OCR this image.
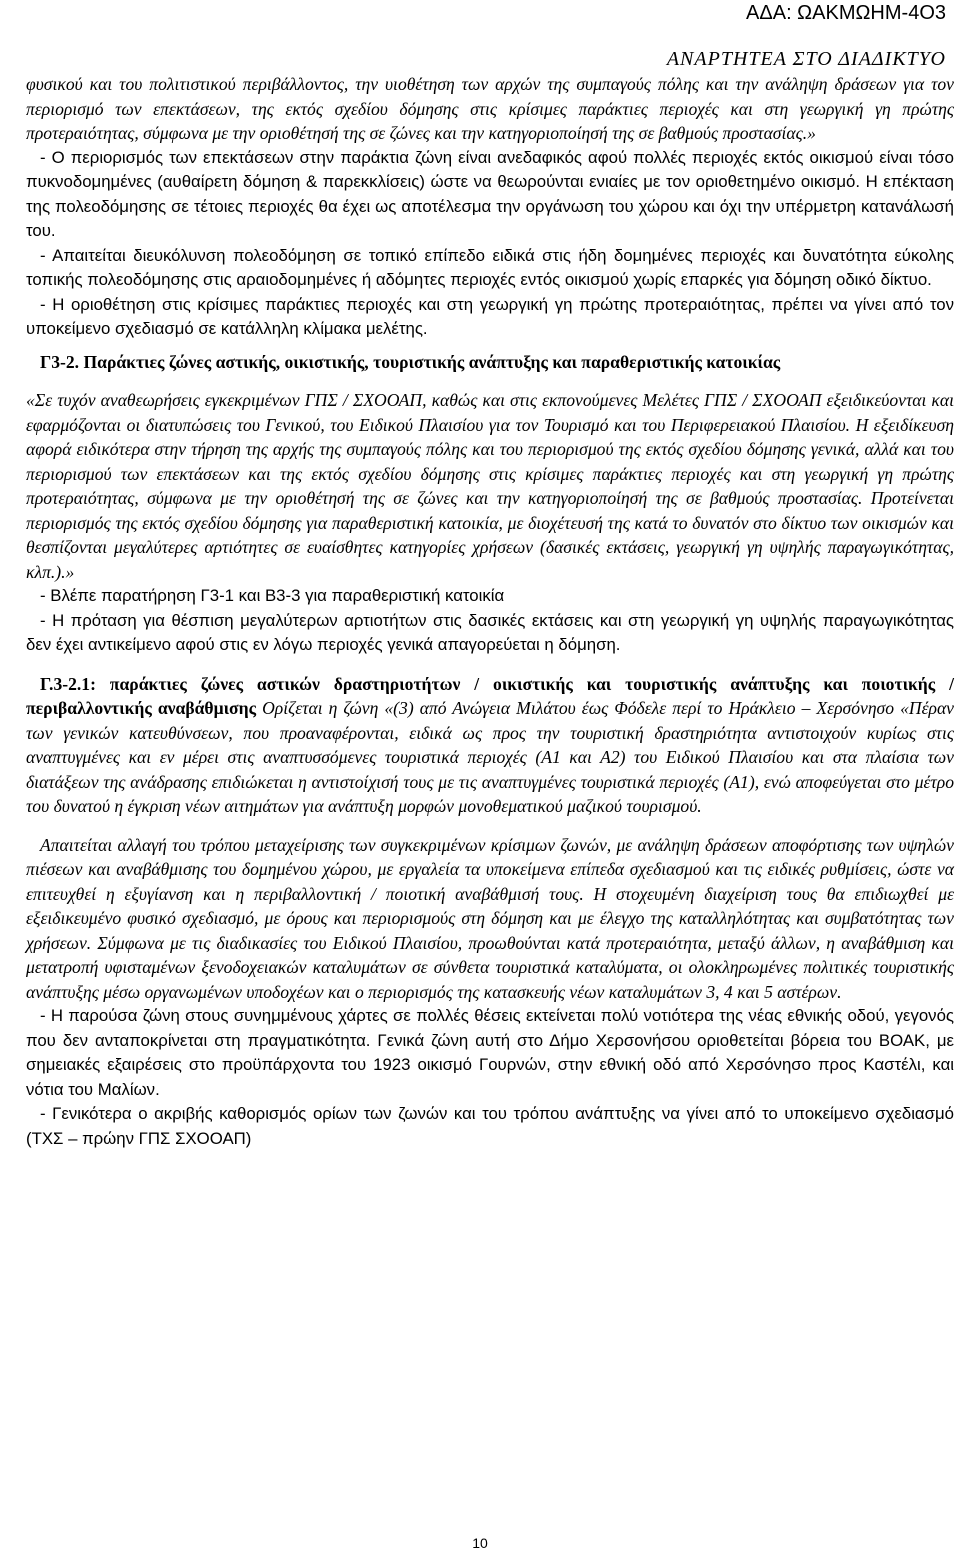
ΑΔΑ: ΩΑΚΜΩΗΜ-4Ο3
ΑΝΑΡΤΗΤΕΑ ΣΤΟ ΔΙΑΔΙΚΤΥΟ

φυσικού και του πολιτιστικού περιβάλλοντος, την υιοθέτηση των αρχών της συμπαγούς πόλης και την ανάληψη δράσεων για τον περιορισμό των επεκτάσεων, της εκτός σχεδίου δόμησης στις κρίσιμες παράκτιες περιοχές και στη γεωργική γη πρώτης προτεραιότητας, σύμφωνα με την οριοθέτησή της σε ζώνες και την κατηγοριοποίησή της σε βαθμούς προστασίας.»

- Ο περιορισμός των επεκτάσεων στην παράκτια ζώνη είναι ανεδαφικός αφού πολλές περιοχές εκτός οικισμού είναι τόσο πυκνοδομημένες (αυθαίρετη δόμηση & παρεκκλίσεις) ώστε να θεωρούνται ενιαίες με τον οριοθετημένο οικισμό. Η επέκταση της πολεοδόμησης σε τέτοιες περιοχές θα έχει ως αποτέλεσμα την οργάνωση του χώρου και όχι την υπέρμετρη κατανάλωσή του.

- Απαιτείται διευκόλυνση πολεοδόμηση σε τοπικό επίπεδο ειδικά στις ήδη δομημένες περιοχές και δυνατότητα εύκολης τοπικής πολεοδόμησης στις αραιοδομημένες ή αδόμητες περιοχές εντός οικισμού χωρίς επαρκές για δόμηση οδικό δίκτυο.

- Η οριοθέτηση στις κρίσιμες παράκτιες περιοχές και στη γεωργική γη πρώτης προτεραιότητας, πρέπει να γίνει από τον υποκείμενο σχεδιασμό σε κατάλληλη κλίμακα μελέτης.

Γ3-2. Παράκτιες ζώνες αστικής, οικιστικής, τουριστικής ανάπτυξης και παραθεριστικής κατοικίας

«Σε τυχόν αναθεωρήσεις εγκεκριμένων ΓΠΣ / ΣΧΟΟΑΠ, καθώς και στις εκπονούμενες Μελέτες ΓΠΣ / ΣΧΟΟΑΠ εξειδικεύονται και εφαρμόζονται οι διατυπώσεις του Γενικού, του Ειδικού Πλαισίου για τον Τουρισμό και του Περιφερειακού Πλαισίου. Η εξειδίκευση αφορά ειδικότερα στην τήρηση της αρχής της συμπαγούς πόλης και του περιορισμού της εκτός σχεδίου δόμησης γενικά, αλλά και του περιορισμού των επεκτάσεων και της εκτός σχεδίου δόμησης στις κρίσιμες παράκτιες περιοχές και στη γεωργική γη πρώτης προτεραιότητας, σύμφωνα με την οριοθέτησή της σε ζώνες και την κατηγοριοποίησή της σε βαθμούς προστασίας. Προτείνεται περιορισμός της εκτός σχεδίου δόμησης για παραθεριστική κατοικία, με διοχέτευσή της κατά το δυνατόν στο δίκτυο των οικισμών και θεσπίζονται μεγαλύτερες αρτιότητες σε ευαίσθητες κατηγορίες χρήσεων (δασικές εκτάσεις, γεωργική γη υψηλής παραγωγικότητας, κλπ.).»

- Βλέπε παρατήρηση Γ3-1 και Β3-3 για παραθεριστική κατοικία

- Η πρόταση για θέσπιση μεγαλύτερων αρτιοτήτων στις δασικές εκτάσεις και στη γεωργική γη υψηλής παραγωγικότητας δεν έχει αντικείμενο αφού στις εν λόγω περιοχές γενικά απαγορεύεται η δόμηση.

Γ.3-2.1: παράκτιες ζώνες αστικών δραστηριοτήτων / οικιστικής και τουριστικής ανάπτυξης και ποιοτικής / περιβαλλοντικής αναβάθμισης Ορίζεται η ζώνη «(3) από Ανώγεια Μιλάτου έως Φόδελε περί το Ηράκλειο – Χερσόνησο «Πέραν των γενικών κατευθύνσεων, που προαναφέρονται, ειδικά ως προς την τουριστική δραστηριότητα αντιστοιχούν κυρίως στις αναπτυγμένες και εν μέρει στις αναπτυσσόμενες τουριστικά περιοχές (Α1 και Α2) του Ειδικού Πλαισίου και στα πλαίσια των διατάξεων της ανάδρασης επιδιώκεται η αντιστοίχισή τους με τις αναπτυγμένες τουριστικά περιοχές (Α1), ενώ αποφεύγεται στο μέτρο του δυνατού η έγκριση νέων αιτημάτων για ανάπτυξη μορφών μονοθεματικού μαζικού τουρισμού.

Απαιτείται αλλαγή του τρόπου μεταχείρισης των συγκεκριμένων κρίσιμων ζωνών, με ανάληψη δράσεων αποφόρτισης των υψηλών πιέσεων και αναβάθμισης του δομημένου χώρου, με εργαλεία τα υποκείμενα επίπεδα σχεδιασμού και τις ειδικές ρυθμίσεις, ώστε να επιτευχθεί η εξυγίανση και η περιβαλλοντική / ποιοτική αναβάθμισή τους. Η στοχευμένη διαχείριση τους θα επιδιωχθεί με εξειδικευμένο φυσικό σχεδιασμό, με όρους και περιορισμούς στη δόμηση και με έλεγχο της καταλληλότητας και συμβατότητας των χρήσεων. Σύμφωνα με τις διαδικασίες του Ειδικού Πλαισίου, προωθούνται κατά προτεραιότητα, μεταξύ άλλων, η αναβάθμιση και μετατροπή υφισταμένων ξενοδοχειακών καταλυμάτων σε σύνθετα τουριστικά καταλύματα, οι ολοκληρωμένες πολιτικές τουριστικής ανάπτυξης μέσω οργανωμένων υποδοχέων και ο περιορισμός της κατασκευής νέων καταλυμάτων 3, 4 και 5 αστέρων.

- Η παρούσα ζώνη στους συνημμένους χάρτες σε πολλές θέσεις εκτείνεται πολύ νοτιότερα της νέας εθνικής οδού, γεγονός που δεν ανταποκρίνεται στη πραγματικότητα. Γενικά ζώνη αυτή στο Δήμο Χερσονήσου οριοθετείται βόρεια του ΒΟΑΚ, με σημειακές εξαιρέσεις στο προϋπάρχοντα του 1923 οικισμό Γουρνών, στην εθνική οδό από Χερσόνησο προς Καστέλι, και νότια του Μαλίων.

- Γενικότερα ο ακριβής καθορισμός ορίων των ζωνών και του τρόπου ανάπτυξης να γίνει από το υποκείμενο σχεδιασμό (ΤΧΣ – πρώην ΓΠΣ ΣΧΟΟΑΠ)

10
